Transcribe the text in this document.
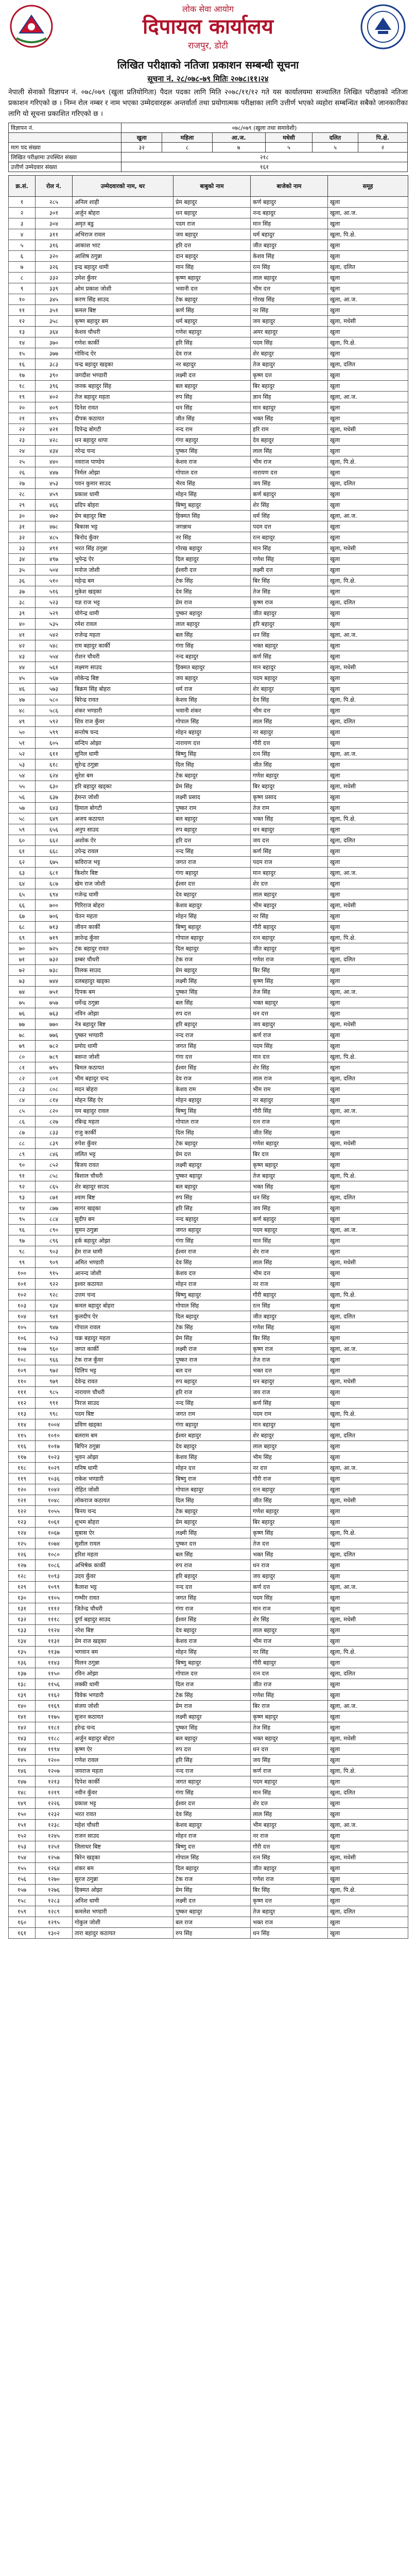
लोक सेवा आयोग
दिपायल कार्यालय
राजपुर, डोटी
लिखित परीक्षाको नतिजा प्रकाशन सम्बन्धी सूचना
सूचना नं. २८/०७८-७९ मितिः २०७८।११।२४
नेपाली सेनाको विज्ञापन नं. ०७८/०७९ (खुला प्रतियोगिता) पैदल पदका लागि मिति २०७८/११/१२ गते यस कार्यालयमा सञ्चालित लिखित परीक्षाको नतिजा प्रकाशन गरिएको छ । निम्न रोल नम्बर र नाम भएका उम्मेदवारहरू अन्तर्वार्ता तथा प्रयोगात्मक परीक्षाका लागि उत्तीर्ण भएको व्यहोरा सम्बन्धित सबैको जानकारीका लागि यो सूचना प्रकाशित गरिएको छ ।
विज्ञापन नं.	०७८/०७९ (खुला तथा समावेशी)					
	खुला	महिला	आ.ज.	मधेसी	दलित	पि.क्षे.
माग पद संख्या	३२	८	७	५	५	२
लिखित परीक्षामा उपस्थित संख्या	२१८					
उत्तीर्ण उम्मेदवार संख्या	१६१					
क्र.सं.	रोल नं.	उम्मेदवारको नाम, थर	बाबुको नाम	बाजेको नाम	समूह
१	२८५	अनिल शाही	प्रेम बहादुर	कर्ण बहादुर	खुला
२	३०१	अर्जुन बोहरा	धन बहादुर	नन्द बहादुर	खुला, आ.ज.
३	३०४	अमृत बडु	पदम राज	मान सिंह	खुला
४	३११	अभिराज रावल	जय बहादुर	धर्म बहादुर	खुला, पि.क्षे.
५	३१६	आकाश भाट	हरि दत्त	जीत बहादुर	खुला
६	३२०	आशिष ठगुन्ना	दान बहादुर	केशव सिंह	खुला
७	३२६	इन्द्र बहादुर धामी	मान सिंह	रत्न सिंह	खुला, दलित
८	३३२	उमेश कुँवर	कृष्ण बहादुर	लाल बहादुर	खुला
९	३३९	ओम प्रकाश जोशी	भवानी दत्त	भीम दत्त	खुला
१०	३४५	करण सिंह साउद	टेक बहादुर	गोरख सिंह	खुला, आ.ज.
११	३५१	कमल बिष्ट	कर्ण सिंह	नर सिंह	खुला
१२	३५८	कृष्ण बहादुर बम	धर्म बहादुर	जय बहादुर	खुला, मधेसी
१३	३६४	केशव चौधरी	गणेश बहादुर	अमर बहादुर	खुला
१४	३७०	गणेश कार्की	हरि सिंह	पदम सिंह	खुला, पि.क्षे.
१५	३७७	गोविन्द ऐर	देव राज	शेर बहादुर	खुला
१६	३८३	चन्द्र बहादुर खड्का	नर बहादुर	तेज बहादुर	खुला, दलित
१७	३९०	जगदीश भण्डारी	लक्ष्मी दत्त	कृष्ण दत्त	खुला
१८	३९६	जनक बहादुर सिंह	बल बहादुर	बिर बहादुर	खुला
१९	४०२	तेज बहादुर महता	रुप सिंह	ज्ञान सिंह	खुला, आ.ज.
२०	४०९	दिनेश रावत	धन सिंह	मान बहादुर	खुला
२१	४१५	दीपक कठायत	जीत सिंह	भक्त सिंह	खुला
२२	४२१	दिपेन्द्र बोगटी	नन्द राम	हरि राम	खुला, मधेसी
२३	४२८	धन बहादुर थापा	गंगा बहादुर	देव बहादुर	खुला
२४	४३४	नरेन्द्र चन्द	पुष्कर सिंह	लाल सिंह	खुला
२५	४४०	नवराज पाण्डेय	केशव राज	भीम राज	खुला, पि.क्षे.
२६	४४७	निर्मल ओझा	गोपाल दत्त	नारायण दत्त	खुला
२७	४५३	पवन कुमार साउद	भैरव सिंह	जय सिंह	खुला, दलित
२८	४५९	प्रकाश धामी	मोहन सिंह	कर्ण बहादुर	खुला
२९	४६६	प्रदिप बोहरा	बिष्णु बहादुर	शेर सिंह	खुला
३०	४७२	प्रेम बहादुर बिष्ट	हिक्मत सिंह	धर्म सिंह	खुला, आ.ज.
३१	४७८	बिकास भट्ट	जगन्नाथ	पदम दत्त	खुला
३२	४८५	बिनोद कुँवर	नर सिंह	रत्न बहादुर	खुला
३३	४९१	भरत सिंह ठगुन्ना	गोरख बहादुर	मान सिंह	खुला, मधेसी
३४	४९७	भुपेन्द्र ऐर	दिल बहादुर	गणेश सिंह	खुला
३५	५०४	मनोज जोशी	ईश्वरी दत्त	लक्ष्मी दत्त	खुला
३६	५१०	महेन्द्र बम	टेक सिंह	बिर सिंह	खुला, पि.क्षे.
३७	५१६	मुकेश खड्का	देव सिंह	तेज सिंह	खुला
३८	५२३	यज्ञ राज भट्ट	प्रेम राज	कृष्ण राज	खुला, दलित
३९	५२९	योगेन्द्र धामी	पुष्कर बहादुर	जीत बहादुर	खुला
४०	५३५	रमेश रावल	लाल बहादुर	हरि बहादुर	खुला
४१	५४२	राजेन्द्र महता	बल सिंह	धन सिंह	खुला, आ.ज.
४२	५४८	राम बहादुर कार्की	गंगा सिंह	भक्त बहादुर	खुला
४३	५५४	रोशन चौधरी	नन्द बहादुर	कर्ण सिंह	खुला
४४	५६१	लक्ष्मण साउद	हिक्मत बहादुर	मान बहादुर	खुला, मधेसी
४५	५६७	लोकेन्द्र बिष्ट	जय बहादुर	पदम बहादुर	खुला
४६	५७३	बिक्रम सिंह बोहरा	धर्म राज	शेर बहादुर	खुला
४७	५८०	बिरेन्द्र रावत	केशव सिंह	देव सिंह	खुला, पि.क्षे.
४८	५८६	शंकर भण्डारी	भवानी शंकर	भीम दत्त	खुला
४९	५९२	शिव राज कुँवर	गोपाल सिंह	लाल सिंह	खुला, दलित
५०	५९९	सन्तोष चन्द	मोहन बहादुर	नर बहादुर	खुला
५१	६०५	सन्दिप ओझा	नारायण दत्त	गौरी दत्त	खुला
५२	६११	सुनिल धामी	बिष्णु सिंह	रत्न सिंह	खुला, आ.ज.
५३	६१८	सुरेन्द्र ठगुन्ना	दिल सिंह	जीत सिंह	खुला
५४	६२४	सुरेश बम	टेक बहादुर	गणेश बहादुर	खुला
५५	६३०	हरि बहादुर खड्का	प्रेम सिंह	बिर बहादुर	खुला, मधेसी
५६	६३७	हेमन्त जोशी	लक्ष्मी प्रसाद	कृष्ण प्रसाद	खुला
५७	६४३	हिमाल बोगटी	पुष्कर राम	तेज राम	खुला
५८	६४९	अजय कठायत	बल बहादुर	भक्त सिंह	खुला, पि.क्षे.
५९	६५६	अनुप साउद	रुप बहादुर	धन बहादुर	खुला
६०	६६२	अशोक ऐर	हरि दत्त	जय दत्त	खुला, दलित
६१	६६८	उपेन्द्र रावल	नन्द सिंह	कर्ण सिंह	खुला
६२	६७५	कविराज भट्ट	जगत राज	पदम राज	खुला
६३	६८१	किशोर बिष्ट	गंगा बहादुर	मान बहादुर	खुला, आ.ज.
६४	६८७	खेम राज जोशी	ईश्वर दत्त	शेर दत्त	खुला
६५	६९४	गजेन्द्र धामी	देव बहादुर	लाल बहादुर	खुला
६६	७००	गिरिराज बोहरा	केशव बहादुर	भीम बहादुर	खुला, मधेसी
६७	७०६	चेतन महता	मोहन सिंह	नर सिंह	खुला
६८	७१३	जीवन कार्की	बिष्णु बहादुर	गौरी बहादुर	खुला
६९	७१९	ज्ञानेन्द्र कुँवर	गोपाल बहादुर	रत्न बहादुर	खुला, पि.क्षे.
७०	७२५	टंक बहादुर रावत	दिल बहादुर	जीत बहादुर	खुला
७१	७३२	डम्बर चौधरी	टेक राज	गणेश राज	खुला, दलित
७२	७३८	तिलक साउद	प्रेम बहादुर	बिर सिंह	खुला
७३	७४४	दलबहादुर खड्का	लक्ष्मी सिंह	कृष्ण सिंह	खुला
७४	७५१	दिपक बम	पुष्कर सिंह	तेज सिंह	खुला, आ.ज.
७५	७५७	धर्मेन्द्र ठगुन्ना	बल सिंह	भक्त बहादुर	खुला
७६	७६३	नविन ओझा	रुप दत्त	धन दत्त	खुला
७७	७७०	नेत्र बहादुर बिष्ट	हरि बहादुर	जय बहादुर	खुला, मधेसी
७८	७७६	पुष्कर भण्डारी	नन्द राज	कर्ण राज	खुला
७९	७८२	प्रमोद धामी	जगत सिंह	पदम सिंह	खुला
८०	७८९	बसन्त जोशी	गंगा दत्त	मान दत्त	खुला, पि.क्षे.
८१	७९५	बिमल कठायत	ईश्वर सिंह	शेर सिंह	खुला
८२	८०१	भीम बहादुर चन्द	देव राज	लाल राज	खुला, दलित
८३	८०८	मदन बोहरा	केशव राम	भीम राम	खुला
८४	८१४	मोहन सिंह ऐर	मोहन बहादुर	नर बहादुर	खुला
८५	८२०	यम बहादुर रावल	बिष्णु सिंह	गौरी सिंह	खुला, आ.ज.
८६	८२७	रबिन्द्र महता	गोपाल राज	रत्न राज	खुला
८७	८३३	राजु कार्की	दिल सिंह	जीत सिंह	खुला
८८	८३९	रुपेश कुँवर	टेक बहादुर	गणेश बहादुर	खुला, मधेसी
८९	८४६	ललित भट्ट	प्रेम दत्त	बिर दत्त	खुला
९०	८५२	बिजय रावत	लक्ष्मी बहादुर	कृष्ण बहादुर	खुला
९१	८५८	बिशाल चौधरी	पुष्कर बहादुर	तेज बहादुर	खुला, पि.क्षे.
९२	८६५	शेर बहादुर साउद	बल बहादुर	भक्त सिंह	खुला
९३	८७१	श्याम बिष्ट	रुप सिंह	धन सिंह	खुला, दलित
९४	८७७	सागर खड्का	हरि सिंह	जय सिंह	खुला
९५	८८४	सुदीप बम	नन्द बहादुर	कर्ण बहादुर	खुला
९६	८९०	सुमन ठगुन्ना	जगत बहादुर	पदम बहादुर	खुला, आ.ज.
९७	८९६	हर्क बहादुर ओझा	गंगा सिंह	मान सिंह	खुला
९८	९०३	हेम राज धामी	ईश्वर राज	शेर राज	खुला
९९	९०९	अमित भण्डारी	देव सिंह	लाल सिंह	खुला, मधेसी
१००	९१५	आनन्द जोशी	केशव दत्त	भीम दत्त	खुला
१०१	९२२	इश्वर कठायत	मोहन राज	नर राज	खुला
१०२	९२८	उत्तम चन्द	बिष्णु बहादुर	गौरी बहादुर	खुला, पि.क्षे.
१०३	९३४	कमल बहादुर बोहरा	गोपाल सिंह	रत्न सिंह	खुला
१०४	९४१	कुलदीप ऐर	दिल बहादुर	जीत बहादुर	खुला, दलित
१०५	९४७	गोपाल रावल	टेक सिंह	गणेश सिंह	खुला
१०६	९५३	चक्र बहादुर महता	प्रेम सिंह	बिर सिंह	खुला
१०७	९६०	जगत कार्की	लक्ष्मी राज	कृष्ण राज	खुला, आ.ज.
१०८	९६६	टेक राज कुँवर	पुष्कर राज	तेज राज	खुला
१०९	९७२	दिलिप भट्ट	बल दत्त	भक्त दत्त	खुला
११०	९७९	देवेन्द्र रावत	रुप बहादुर	धन बहादुर	खुला, मधेसी
१११	९८५	नारायण चौधरी	हरि राज	जय राज	खुला
११२	९९१	निरज साउद	नन्द सिंह	कर्ण सिंह	खुला
११३	९९८	पदम बिष्ट	जगत राम	पदम राम	खुला, पि.क्षे.
११४	१००४	प्रविण खड्का	गंगा बहादुर	मान बहादुर	खुला
११५	१०१०	बलराम बम	ईश्वर बहादुर	शेर बहादुर	खुला, दलित
११६	१०१७	बिपिन ठगुन्ना	देव बहादुर	लाल बहादुर	खुला
११७	१०२३	भुवन ओझा	केशव सिंह	भीम सिंह	खुला
११८	१०२९	मनिष धामी	मोहन दत्त	नर दत्त	खुला, आ.ज.
११९	१०३६	राकेश भण्डारी	बिष्णु राज	गौरी राज	खुला
१२०	१०४२	रोहित जोशी	गोपाल बहादुर	रत्न बहादुर	खुला
१२१	१०४८	लोकराज कठायत	दिल सिंह	जीत सिंह	खुला, मधेसी
१२२	१०५५	बिनय चन्द	टेक बहादुर	गणेश बहादुर	खुला
१२३	१०६१	शुभम बोहरा	प्रेम बहादुर	बिर बहादुर	खुला
१२४	१०६७	सुबास ऐर	लक्ष्मी सिंह	कृष्ण सिंह	खुला, पि.क्षे.
१२५	१०७४	सुशील रावल	पुष्कर दत्त	तेज दत्त	खुला
१२६	१०८०	हरिश महता	बल सिंह	भक्त सिंह	खुला, दलित
१२७	१०८६	अभिषेक कार्की	रुप राज	धन राज	खुला
१२८	१०९३	उदय कुँवर	हरि बहादुर	जय बहादुर	खुला
१२९	१०९९	कैलाश भट्ट	नन्द दत्त	कर्ण दत्त	खुला, आ.ज.
१३०	११०५	गम्भीर रावत	जगत सिंह	पदम सिंह	खुला
१३१	१११२	जितेन्द्र चौधरी	गंगा राज	मान राज	खुला
१३२	१११८	दुर्गा बहादुर साउद	ईश्वर सिंह	शेर सिंह	खुला, मधेसी
१३३	११२४	नरेश बिष्ट	देव बहादुर	लाल बहादुर	खुला
१३४	११३१	प्रेम राज खड्का	केशव राज	भीम राज	खुला
१३५	११३७	भगवान बम	मोहन सिंह	नर सिंह	खुला, पि.क्षे.
१३६	११४३	मिलन ठगुन्ना	बिष्णु बहादुर	गौरी बहादुर	खुला
१३७	११५०	रविन ओझा	गोपाल दत्त	रत्न दत्त	खुला, दलित
१३८	११५६	लक्की धामी	दिल राज	जीत राज	खुला
१३९	११६२	विवेक भण्डारी	टेक सिंह	गणेश सिंह	खुला
१४०	११६९	संजय जोशी	प्रेम राज	बिर राज	खुला, आ.ज.
१४१	११७५	सुजन कठायत	लक्ष्मी बहादुर	कृष्ण बहादुर	खुला
१४२	११८१	हरेन्द्र चन्द	पुष्कर सिंह	तेज सिंह	खुला
१४३	११८८	अर्जुन बहादुर बोहरा	बल बहादुर	भक्त बहादुर	खुला, मधेसी
१४४	११९४	कृष्ण ऐर	रुप दत्त	धन दत्त	खुला
१४५	१२००	गणेश रावल	हरि सिंह	जय सिंह	खुला
१४६	१२०७	जयराज महता	नन्द राज	कर्ण राज	खुला, पि.क्षे.
१४७	१२१३	दिपेश कार्की	जगत बहादुर	पदम बहादुर	खुला
१४८	१२१९	नवीन कुँवर	गंगा सिंह	मान सिंह	खुला, दलित
१४९	१२२६	प्रकाश भट्ट	ईश्वर दत्त	शेर दत्त	खुला
१५०	१२३२	भरत रावत	देव सिंह	लाल सिंह	खुला
१५१	१२३८	महेश चौधरी	केशव बहादुर	भीम बहादुर	खुला, आ.ज.
१५२	१२४५	राजन साउद	मोहन राज	नर राज	खुला
१५३	१२५१	लिलाधर बिष्ट	बिष्णु दत्त	गौरी दत्त	खुला
१५४	१२५७	बिरेन खड्का	गोपाल सिंह	रत्न सिंह	खुला, मधेसी
१५५	१२६४	शंकर बम	दिल बहादुर	जीत बहादुर	खुला
१५६	१२७०	सुरज ठगुन्ना	टेक राज	गणेश राज	खुला
१५७	१२७६	हिक्मत ओझा	प्रेम सिंह	बिर सिंह	खुला, पि.क्षे.
१५८	१२८३	अनिश धामी	लक्ष्मी दत्त	कृष्ण दत्त	खुला
१५९	१२८९	कमलेश भण्डारी	पुष्कर बहादुर	तेज बहादुर	खुला, दलित
१६०	१२९५	गोकुल जोशी	बल राज	भक्त राज	खुला
१६१	१३०२	तारा बहादुर कठायत	रुप सिंह	धन सिंह	खुला
